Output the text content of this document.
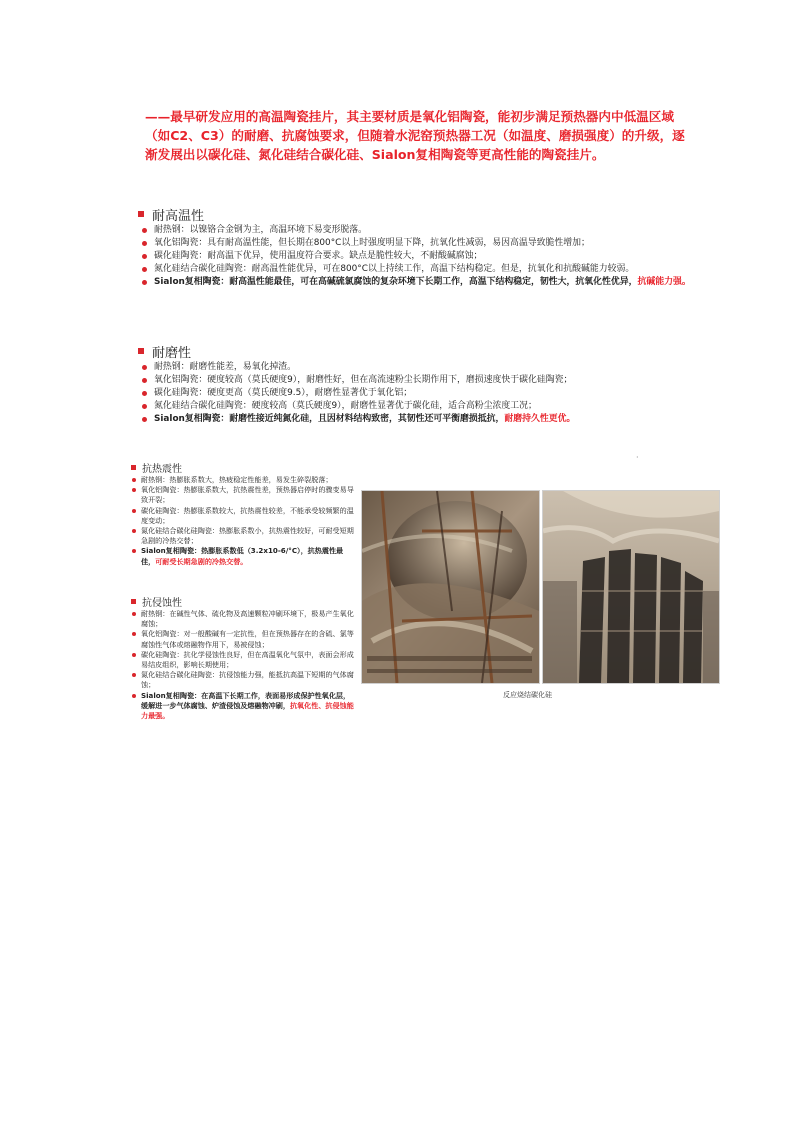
——最早研发应用的高温陶瓷挂片，其主要材质是氧化铝陶瓷，能初步满足预热器内中低温区域（如C2、C3）的耐磨、抗腐蚀要求，但随着水泥窑预热器工况（如温度、磨损强度）的升级，逐渐发展出以碳化硅、氮化硅结合碳化硅、Sialon复相陶瓷等更高性能的陶瓷挂片。

耐高温性
耐热钢：以镍铬合金钢为主，高温环境下易变形脱落。
氧化铝陶瓷：具有耐高温性能，但长期在800°C以上时强度明显下降，抗氧化性减弱，易因高温导致脆性增加；
碳化硅陶瓷：耐高温下优异，使用温度符合要求。缺点是脆性较大，不耐酸碱腐蚀；
氮化硅结合碳化硅陶瓷：耐高温性能优异，可在800°C以上持续工作，高温下结构稳定。但是，抗氧化和抗酸碱能力较弱。
Sialon复相陶瓷：耐高温性能最佳，可在高碱硫氯腐蚀的复杂环境下长期工作，高温下结构稳定，韧性大，抗氧化性优异，抗碱能力强。
耐磨性
耐热钢：耐磨性能差，易氧化掉渣。
氧化铝陶瓷：硬度较高（莫氏硬度9），耐磨性好，但在高流速粉尘长期作用下，磨损速度快于碳化硅陶瓷；
碳化硅陶瓷：硬度更高（莫氏硬度9.5），耐磨性显著优于氧化铝；
氮化硅结合碳化硅陶瓷：硬度较高（莫氏硬度9），耐磨性显著优于碳化硅，适合高粉尘浓度工况；
Sialon复相陶瓷：耐磨性接近纯氮化硅，且因材料结构致密，其韧性还可平衡磨损抵抗，耐磨持久性更优。
·
抗热震性
耐热钢：热膨胀系数大，热疲稳定性能差，易发生碎裂脱落；
氧化铝陶瓷：热膨胀系数大，抗热震性差，预热器启停时的骤变易导致开裂；
碳化硅陶瓷：热膨胀系数较大，抗热震性较差，不能承受较频繁的温度变动；
氮化硅结合碳化硅陶瓷：热膨胀系数小，抗热震性较好，可耐受短期急剧的冷热交替；
Sialon复相陶瓷：热膨胀系数低（3.2x10-6/°C），抗热震性最佳，可耐受长期急剧的冷热交替。
抗侵蚀性
耐热钢：在碱性气体、硫化物及高速颗粒冲刷环境下，极易产生氧化腐蚀；
氧化铝陶瓷：对一般酸碱有一定抗性，但在预热器存在的含硫、氯等腐蚀性气体或熔融物作用下，易被侵蚀；
碳化硅陶瓷：抗化学侵蚀性良好，但在高温氧化气氛中，表面会形成易结皮组织，影响长期使用；
氮化硅结合碳化硅陶瓷：抗侵蚀能力强，能抵抗高温下短期的气体腐蚀；
Sialon复相陶瓷：在高温下长期工作，表面易形成保护性氧化层，缓解进一步气体腐蚀、炉渣侵蚀及熔融物冲刷，抗氧化性、抗侵蚀能力最强。
反应烧结碳化硅
